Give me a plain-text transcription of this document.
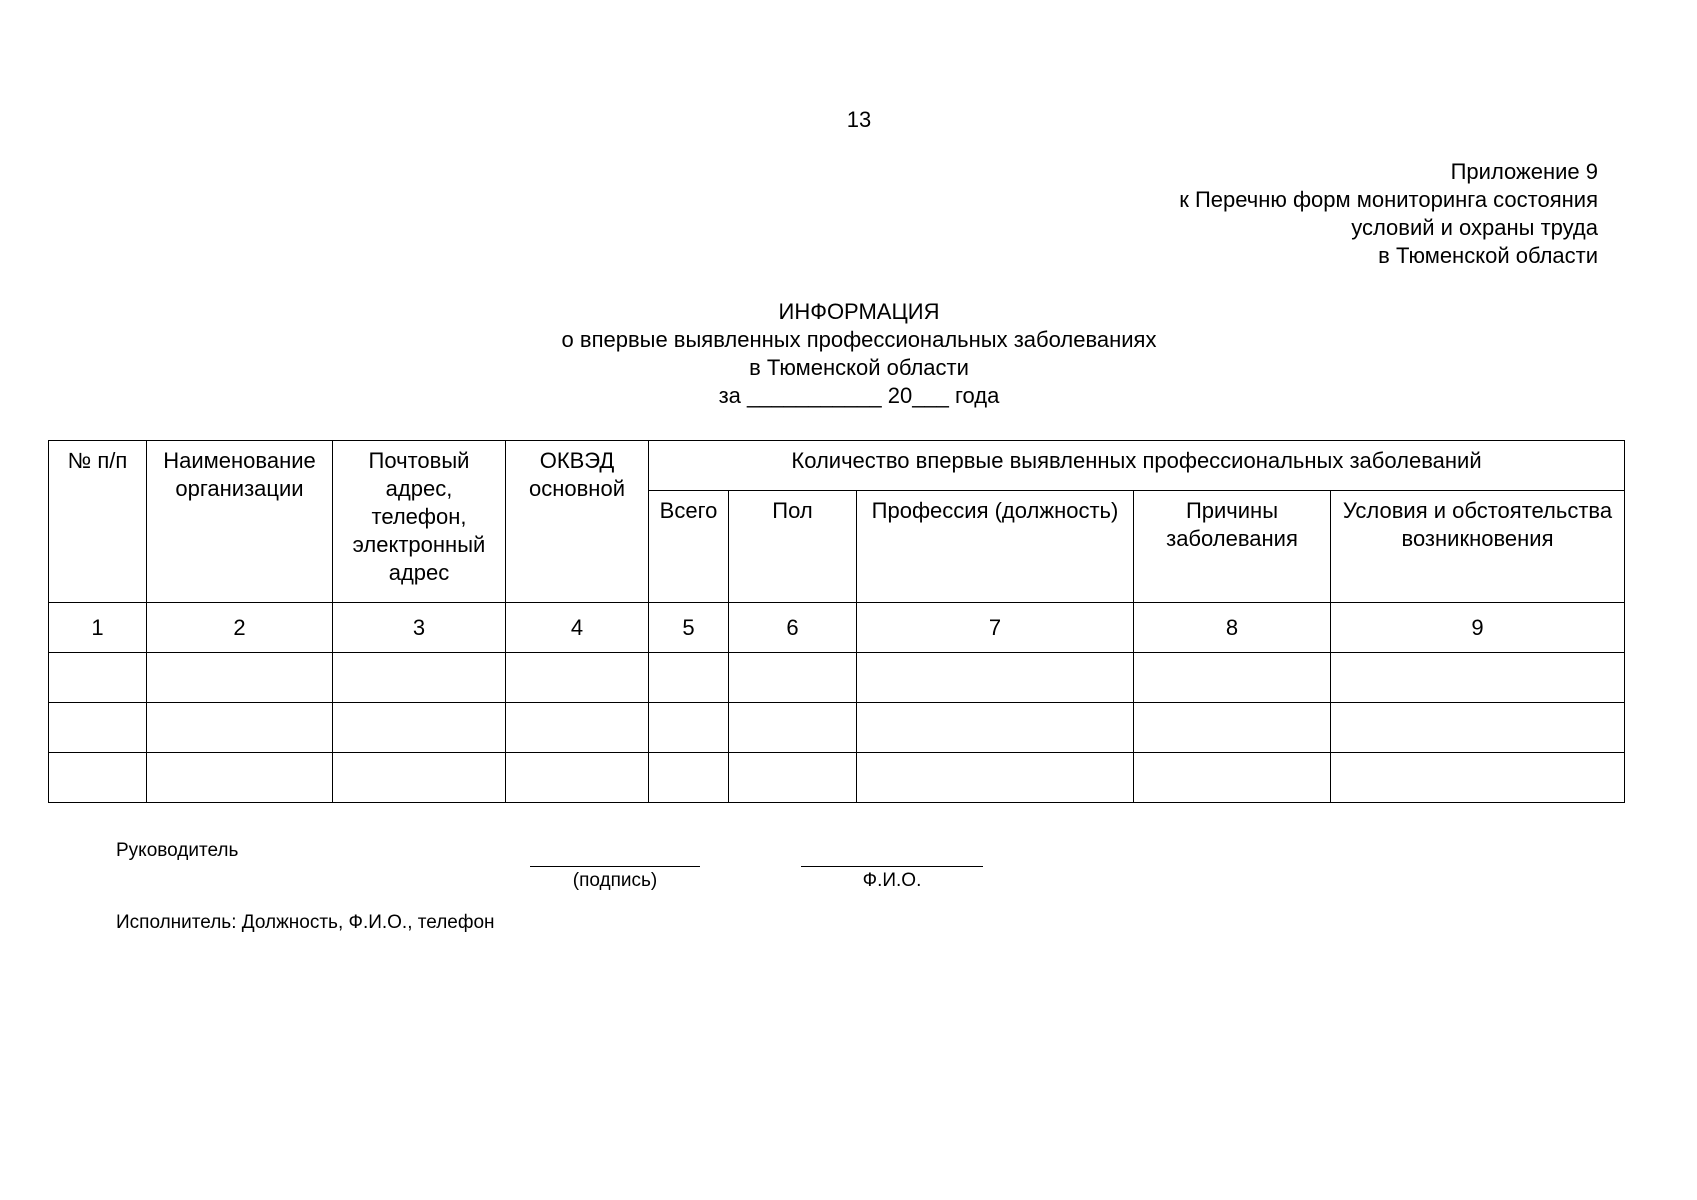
13
Приложение 9
к Перечню форм мониторинга состояния
условий и охраны труда
в Тюменской области
ИНФОРМАЦИЯ
о впервые выявленных профессиональных заболеваниях
в Тюменской области
за ___________ 20___ года
№ п/п	Наименование организации	Почтовый адрес, телефон, электронный адрес	ОКВЭД основной	Количество впервые выявленных профессиональных заболеваний				
				Всего	Пол	Профессия (должность)	Причины заболевания	Условия и обстоятельства возникновения
1	2	3	4	5	6	7	8	9

Руководитель
(подпись)	Ф.И.О.
Исполнитель: Должность, Ф.И.О., телефон
